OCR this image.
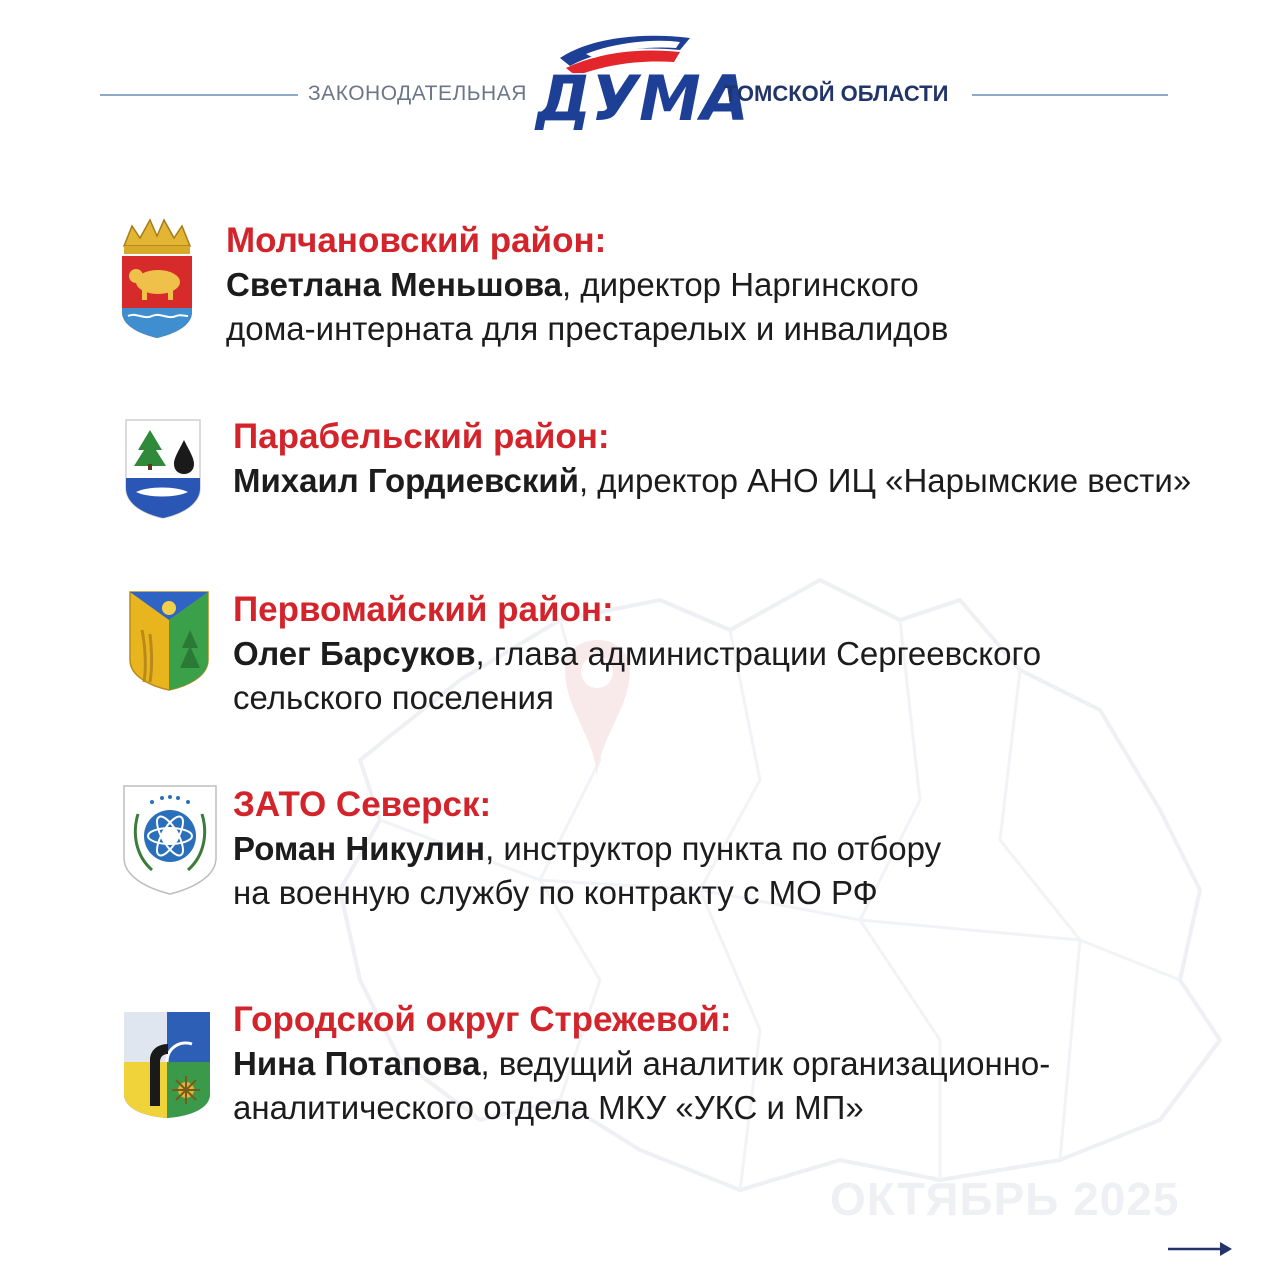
ЗАКОНОДАТЕЛЬНАЯ ДУМА
ТОМСКОЙ ОБЛАСТИ
Молчановский район:
Светлана Меньшова, директор Наргинского
дома-интерната для престарелых и инвалидов
Парабельский район:
Михаил Гордиевский, директор АНО ИЦ «Нарымские вести»
Первомайский район:
Олег Барсуков, глава администрации Сергеевского
сельского поселения
ЗАТО Северск:
Роман Никулин, инструктор пункта по отбору
на военную службу по контракту с МО РФ
Городской округ Стрежевой:
Нина Потапова, ведущий аналитик организационно-
аналитического отдела МКУ «УКС и МП»
ОКТЯБРЬ 2025
